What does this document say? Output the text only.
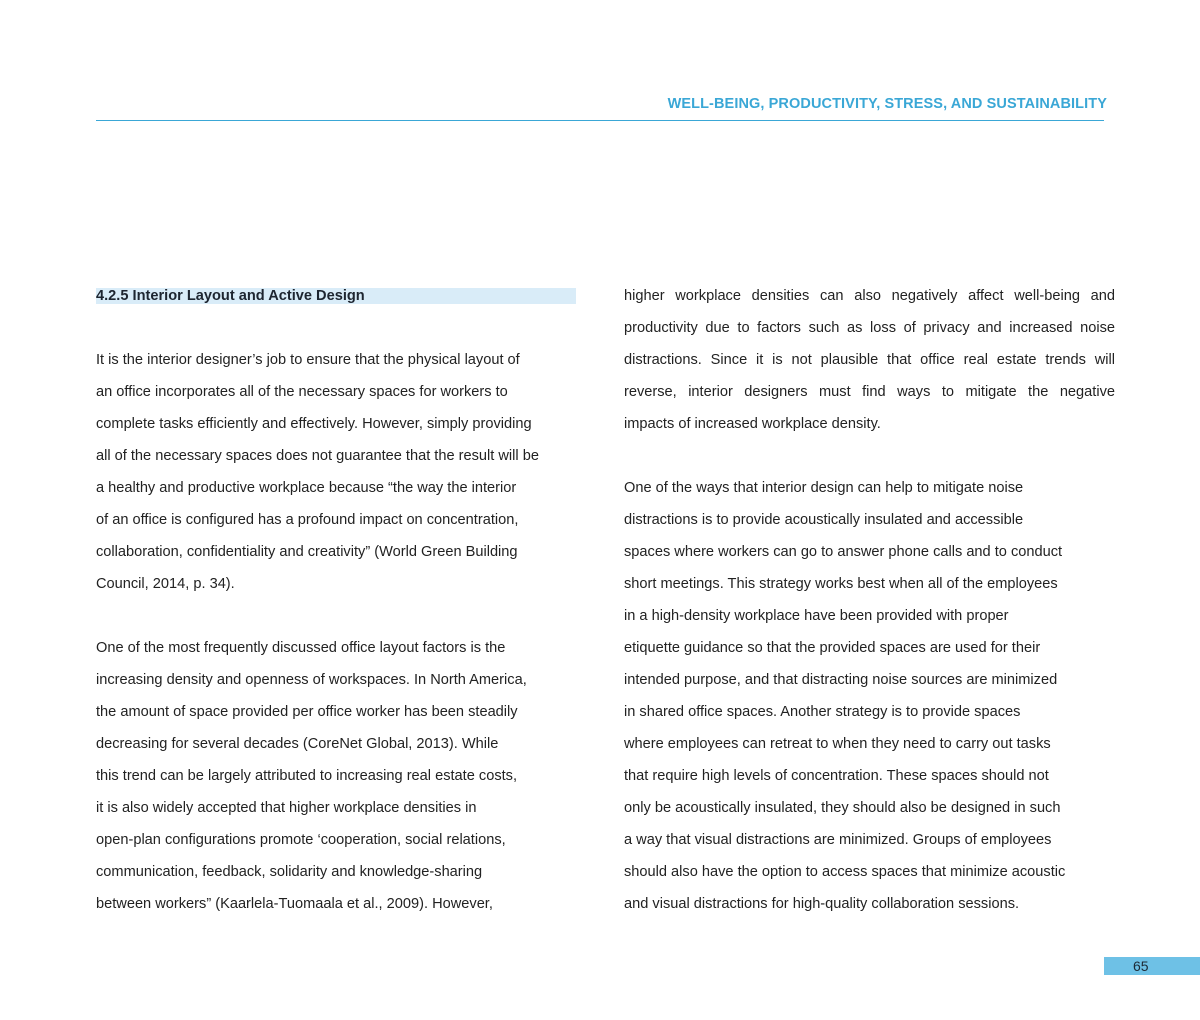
WELL-BEING, PRODUCTIVITY, STRESS, AND SUSTAINABILITY
4.2.5 Interior Layout and Active Design
It is the interior designer’s job to ensure that the physical layout of
an office incorporates all of the necessary spaces for workers to
complete tasks efficiently and effectively. However, simply providing
all of the necessary spaces does not guarantee that the result will be
a healthy and productive workplace because “the way the interior
of an office is configured has a profound impact on concentration,
collaboration, confidentiality and creativity” (World Green Building
Council, 2014, p. 34).
One of the most frequently discussed office layout factors is the
increasing density and openness of workspaces. In North America,
the amount of space provided per office worker has been steadily
decreasing for several decades (CoreNet Global, 2013). While
this trend can be largely attributed to increasing real estate costs,
it is also widely accepted that higher workplace densities in
open-plan configurations promote ‘cooperation, social relations,
communication, feedback, solidarity and knowledge-sharing
between workers” (Kaarlela-Tuomaala et al., 2009). However,
higher workplace densities can also negatively affect well-being and
productivity due to factors such as loss of privacy and increased noise
distractions. Since it is not plausible that office real estate trends will
reverse, interior designers must find ways to mitigate the negative
impacts of increased workplace density.
One of the ways that interior design can help to mitigate noise
distractions is to provide acoustically insulated and accessible
spaces where workers can go to answer phone calls and to conduct
short meetings. This strategy works best when all of the employees
in a high-density workplace have been provided with proper
etiquette guidance so that the provided spaces are used for their
intended purpose, and that distracting noise sources are minimized
in shared office spaces. Another strategy is to provide spaces
where employees can retreat to when they need to carry out tasks
that require high levels of concentration. These spaces should not
only be acoustically insulated, they should also be designed in such
a way that visual distractions are minimized. Groups of employees
should also have the option to access spaces that minimize acoustic
and visual distractions for high-quality collaboration sessions.
65
